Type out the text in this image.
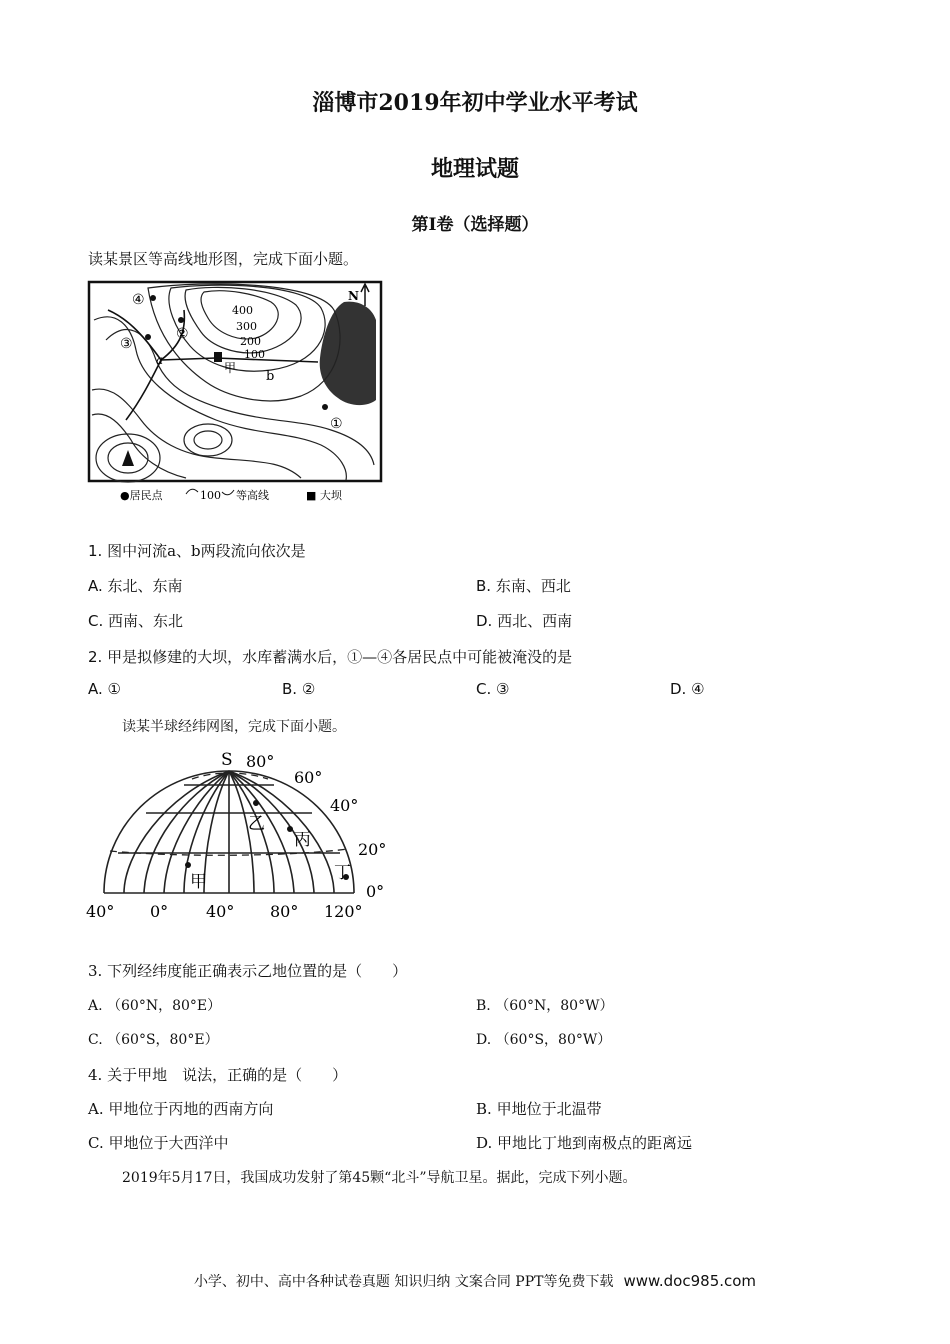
淄博市2019年初中学业水平考试
地理试题
第Ⅰ卷（选择题）
读某景区等高线地形图，完成下面小题。
甲
a
b
400
300
200
100
①
②
③
④	N
●居民点	100 等高线	■ 大坝
1. 图中河流a、b两段流向依次是
A. 东北、东南	B. 东南、西北
C. 西南、东北	D. 西北、西南
2. 甲是拟修建的大坝，水库蓄满水后，①—④各居民点中可能被淹没的是
A. ①	B. ②	C. ③	D. ④
读某半球经纬网图，完成下面小题。
S 80°
60°
40°
20°
0°
40° 0° 40° 80° 120°
甲
乙
丙
丁
3. 下列经纬度能正确表示乙地位置的是（　　）
A. （60°N，80°E）	B. （60°N，80°W）
C. （60°S，80°E）	D. （60°S，80°W）
4. 关于甲地　说法，正确的是（　　）
A. 甲地位于丙地的西南方向	B. 甲地位于北温带
C. 甲地位于大西洋中	D. 甲地比丁地到南极点的距离远
2019年5月17日，我国成功发射了第45颗“北斗”导航卫星。据此，完成下列小题。
小学、初中、高中各种试卷真题 知识归纳 文案合同 PPT等免费下载 www.doc985.com
